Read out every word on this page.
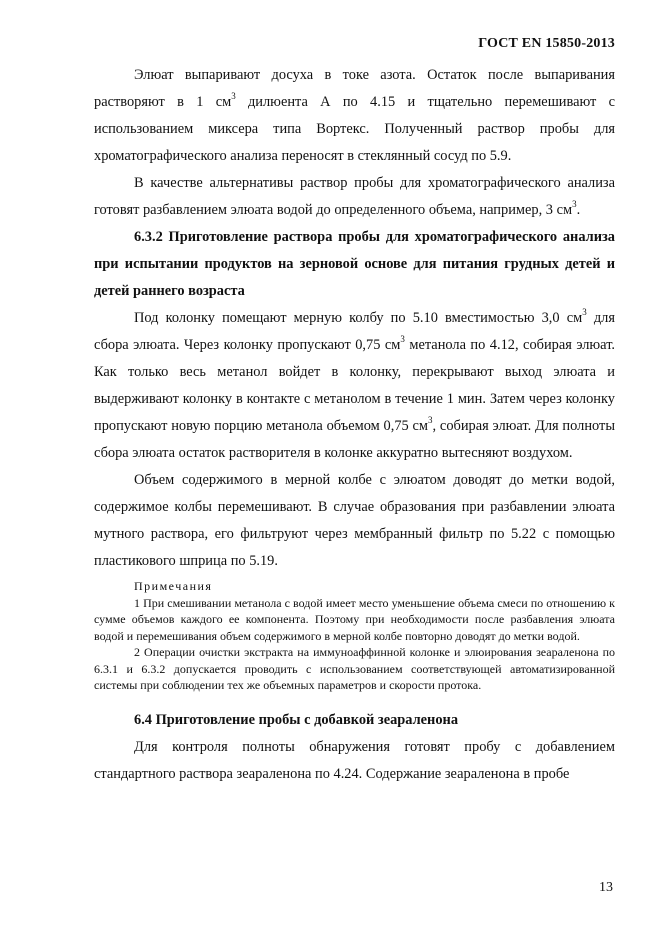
ГОСТ EN 15850-2013

Элюат выпаривают досуха в токе азота. Остаток после выпаривания растворяют в 1 $см^3$ дилюента А по 4.15 и тщательно перемешивают с использованием миксера типа Вортекс. Полученный раствор пробы для хроматографического анализа переносят в стеклянный сосуд по 5.9.

В качестве альтернативы раствор пробы для хроматографического анализа готовят разбавлением элюата водой до определенного объема, например, 3 $см^3$.

6.3.2 Приготовление раствора пробы для хроматографического анализа при испытании продуктов на зерновой основе для питания грудных детей и детей раннего возраста

Под колонку помещают мерную колбу по 5.10 вместимостью 3,0 $см^3$ для сбора элюата. Через колонку пропускают 0,75 $см^3$ метанола по 4.12, собирая элюат. Как только весь метанол войдет в колонку, перекрывают выход элюата и выдерживают колонку в контакте с метанолом в течение 1 мин. Затем через колонку пропускают новую порцию метанола объемом 0,75 $см^3$, собирая элюат. Для полноты сбора элюата остаток растворителя в колонке аккуратно вытесняют воздухом.

Объем содержимого в мерной колбе с элюатом доводят до метки водой, содержимое колбы перемешивают. В случае образования при разбавлении элюата мутного раствора, его фильтруют через мембранный фильтр по 5.22 с помощью пластикового шприца по 5.19.

Примечания

1 При смешивании метанола с водой имеет место уменьшение объема смеси по отношению к сумме объемов каждого ее компонента. Поэтому при необходимости после разбавления элюата водой и перемешивания объем содержимого в мерной колбе повторно доводят до метки водой.

2 Операции очистки экстракта на иммуноаффинной колонке и элюирования зеараленона по 6.3.1 и 6.3.2 допускается проводить с использованием соответствующей автоматизированной системы при соблюдении тех же объемных параметров и скорости протока.

6.4 Приготовление пробы с добавкой зеараленона

Для контроля полноты обнаружения готовят пробу с добавлением стандартного раствора зеараленона по 4.24. Содержание зеараленона в пробе

13
